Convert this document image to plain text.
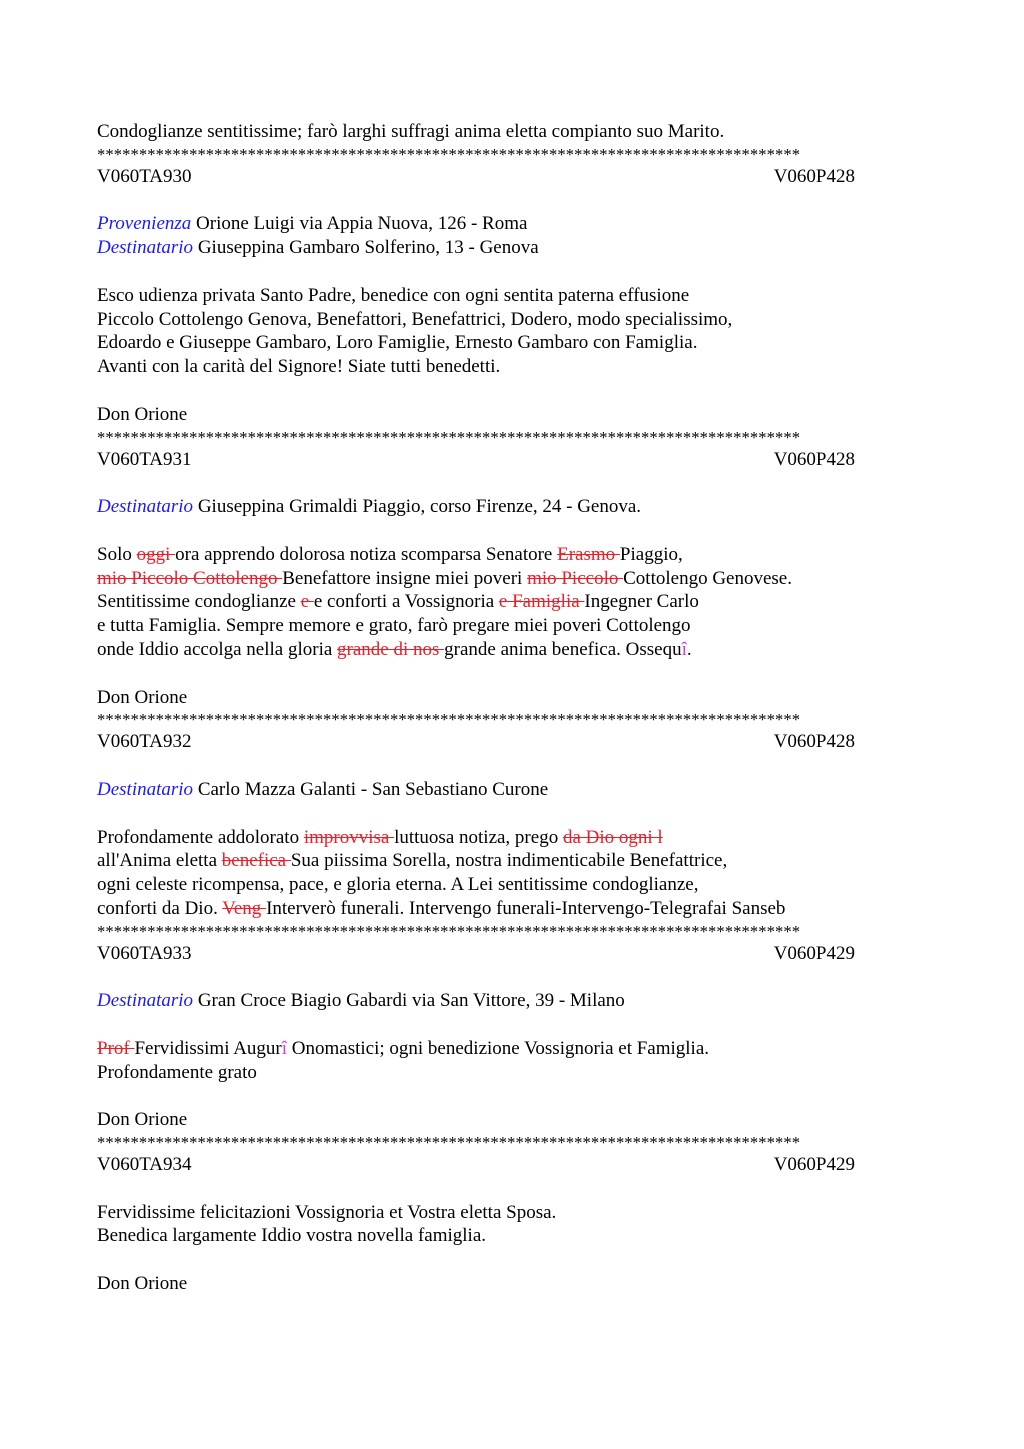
Condoglianze sentitissime; farò larghi suffragi anima eletta compianto suo Marito.
************************************************************************************
V060TA930	V060P428
Provenienza Orione Luigi via Appia Nuova, 126 - Roma
Destinatario Giuseppina Gambaro Solferino, 13 - Genova
Esco udienza privata Santo Padre, benedice con ogni sentita paterna effusione
Piccolo Cottolengo Genova, Benefattori, Benefattrici, Dodero, modo specialissimo,
Edoardo e Giuseppe Gambaro, Loro Famiglie, Ernesto Gambaro con Famiglia.
Avanti con la carità del Signore! Siate tutti benedetti.
Don Orione
************************************************************************************
V060TA931	V060P428
Destinatario Giuseppina Grimaldi Piaggio, corso Firenze, 24 - Genova.
Solo oggi ora apprendo dolorosa notiza scomparsa Senatore Erasmo Piaggio,
mio Piccolo Cottolengo Benefattore insigne miei poveri mio Piccolo Cottolengo Genovese.
Sentitissime condoglianze e e conforti a Vossignoria e Famiglia Ingegner Carlo
e tutta Famiglia. Sempre memore e grato, farò pregare miei poveri Cottolengo
onde Iddio accolga nella gloria grande di nos grande anima benefica. Ossequî.
Don Orione
************************************************************************************
V060TA932	V060P428
Destinatario Carlo Mazza Galanti - San Sebastiano Curone
Profondamente addolorato improvvisa luttuosa notiza, prego da Dio ogni l
all'Anima eletta benefica Sua piissima Sorella, nostra indimenticabile Benefattrice,
ogni celeste ricompensa, pace, e gloria eterna. A Lei sentitissime condoglianze,
conforti da Dio. Veng Interverò funerali. Intervengo funerali-Intervengo-Telegrafai Sanseb
************************************************************************************
V060TA933	V060P429
Destinatario Gran Croce Biagio Gabardi via San Vittore, 39 - Milano
Prof Fervidissimi Augurî Onomastici; ogni benedizione Vossignoria et Famiglia.
Profondamente grato
Don Orione
************************************************************************************
V060TA934	V060P429
Fervidissime felicitazioni Vossignoria et Vostra eletta Sposa.
Benedica largamente Iddio vostra novella famiglia.
Don Orione
